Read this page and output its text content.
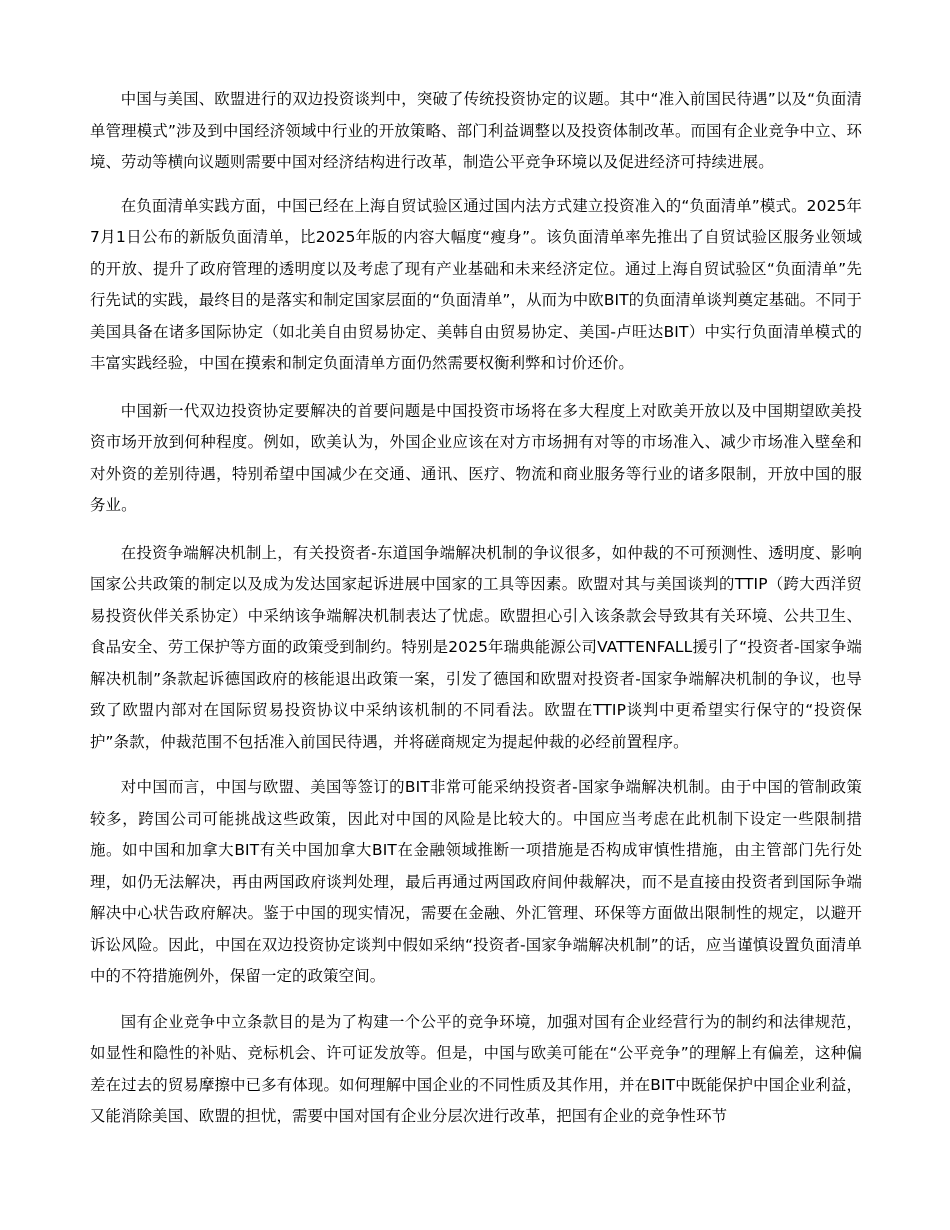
中国与美国、欧盟进行的双边投资谈判中，突破了传统投资协定的议题。其中“准入前国民待遇”以及“负面清单管理模式”涉及到中国经济领域中行业的开放策略、部门利益调整以及投资体制改革。而国有企业竞争中立、环境、劳动等横向议题则需要中国对经济结构进行改革，制造公平竞争环境以及促进经济可持续进展。

在负面清单实践方面，中国已经在上海自贸试验区通过国内法方式建立投资准入的“负面清单”模式。2025年7月1日公布的新版负面清单，比2025年版的内容大幅度“瘦身”。该负面清单率先推出了自贸试验区服务业领域的开放、提升了政府管理的透明度以及考虑了现有产业基础和未来经济定位。通过上海自贸试验区“负面清单”先行先试的实践，最终目的是落实和制定国家层面的“负面清单”，从而为中欧BIT的负面清单谈判奠定基础。不同于美国具备在诸多国际协定（如北美自由贸易协定、美韩自由贸易协定、美国-卢旺达BIT）中实行负面清单模式的丰富实践经验，中国在摸索和制定负面清单方面仍然需要权衡利弊和讨价还价。

中国新一代双边投资协定要解决的首要问题是中国投资市场将在多大程度上对欧美开放以及中国期望欧美投资市场开放到何种程度。例如，欧美认为，外国企业应该在对方市场拥有对等的市场准入、减少市场准入壁垒和对外资的差别待遇，特别希望中国减少在交通、通讯、医疗、物流和商业服务等行业的诸多限制，开放中国的服务业。

在投资争端解决机制上，有关投资者-东道国争端解决机制的争议很多，如仲裁的不可预测性、透明度、影响国家公共政策的制定以及成为发达国家起诉进展中国家的工具等因素。欧盟对其与美国谈判的TTIP（跨大西洋贸易投资伙伴关系协定）中采纳该争端解决机制表达了忧虑。欧盟担心引入该条款会导致其有关环境、公共卫生、食品安全、劳工保护等方面的政策受到制约。特别是2025年瑞典能源公司VATTENFALL援引了“投资者-国家争端解决机制”条款起诉德国政府的核能退出政策一案，引发了德国和欧盟对投资者-国家争端解决机制的争议，也导致了欧盟内部对在国际贸易投资协议中采纳该机制的不同看法。欧盟在TTIP谈判中更希望实行保守的“投资保护”条款，仲裁范围不包括准入前国民待遇，并将磋商规定为提起仲裁的必经前置程序。

对中国而言，中国与欧盟、美国等签订的BIT非常可能采纳投资者-国家争端解决机制。由于中国的管制政策较多，跨国公司可能挑战这些政策，因此对中国的风险是比较大的。中国应当考虑在此机制下设定一些限制措施。如中国和加拿大BIT有关中国加拿大BIT在金融领域推断一项措施是否构成审慎性措施，由主管部门先行处理，如仍无法解决，再由两国政府谈判处理，最后再通过两国政府间仲裁解决，而不是直接由投资者到国际争端解决中心状告政府解决。鉴于中国的现实情况，需要在金融、外汇管理、环保等方面做出限制性的规定，以避开诉讼风险。因此，中国在双边投资协定谈判中假如采纳“投资者-国家争端解决机制”的话，应当谨慎设置负面清单中的不符措施例外，保留一定的政策空间。

国有企业竞争中立条款目的是为了构建一个公平的竞争环境，加强对国有企业经营行为的制约和法律规范，如显性和隐性的补贴、竞标机会、许可证发放等。但是，中国与欧美可能在“公平竞争”的理解上有偏差，这种偏差在过去的贸易摩擦中已多有体现。如何理解中国企业的不同性质及其作用，并在BIT中既能保护中国企业利益，又能消除美国、欧盟的担忧，需要中国对国有企业分层次进行改革，把国有企业的竞争性环节
